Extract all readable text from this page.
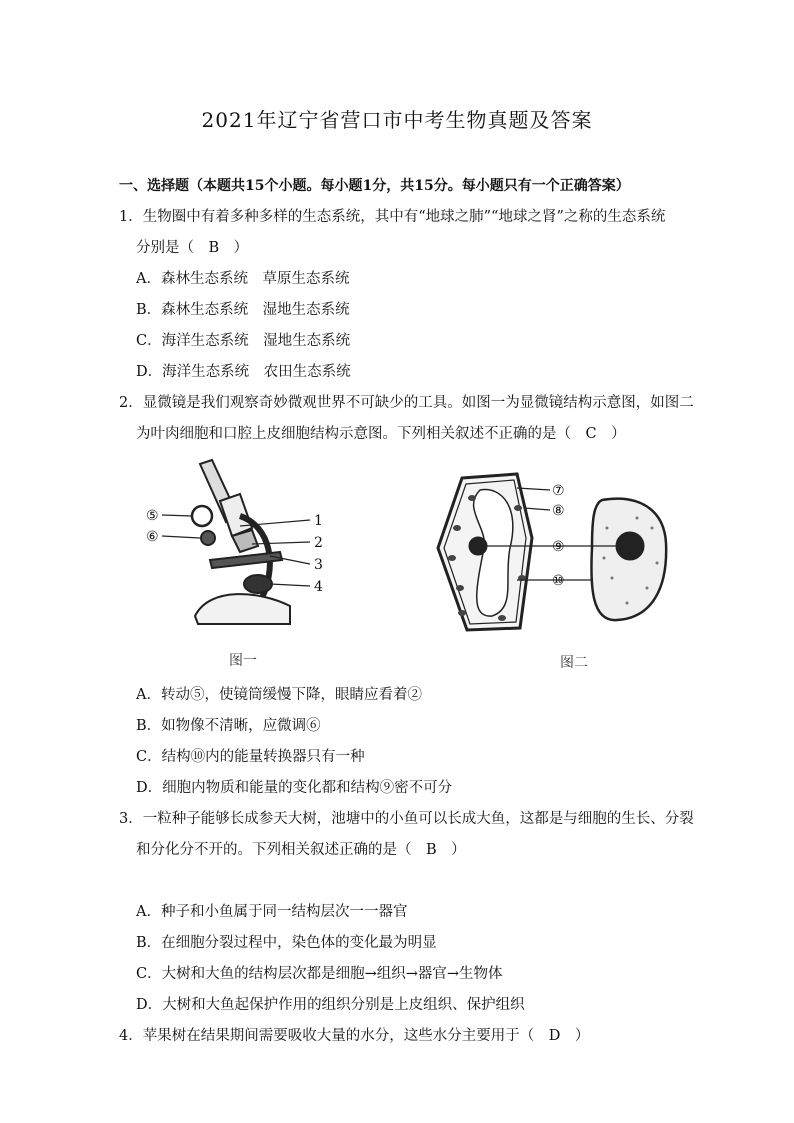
2021年辽宁省营口市中考生物真题及答案
一、选择题（本题共15个小题。每小题1分，共15分。每小题只有一个正确答案）
1．生物圈中有着多种多样的生态系统，其中有“地球之肺”“地球之肾”之称的生态系统
分别是（　B　）
A．森林生态系统　草原生态系统
B．森林生态系统　湿地生态系统
C．海洋生态系统　湿地生态系统
D．海洋生态系统　农田生态系统
2．显微镜是我们观察奇妙微观世界不可缺少的工具。如图一为显微镜结构示意图，如图二
为叶肉细胞和口腔上皮细胞结构示意图。下列相关叙述不正确的是（　C　）
⑤
⑥
1
2
3
4
图一
⑦
⑧
⑨
⑩
图二
A．转动⑤，使镜筒缓慢下降，眼睛应看着②
B．如物像不清晰，应微调⑥
C．结构⑩内的能量转换器只有一种
D．细胞内物质和能量的变化都和结构⑨密不可分
3．一粒种子能够长成参天大树，池塘中的小鱼可以长成大鱼，这都是与细胞的生长、分裂
和分化分不开的。下列相关叙述正确的是（　B　）
A．种子和小鱼属于同一结构层次一一器官
B．在细胞分裂过程中，染色体的变化最为明显
C．大树和大鱼的结构层次都是细胞→组织→器官→生物体
D．大树和大鱼起保护作用的组织分别是上皮组织、保护组织
4．苹果树在结果期间需要吸收大量的水分，这些水分主要用于（　D　）
